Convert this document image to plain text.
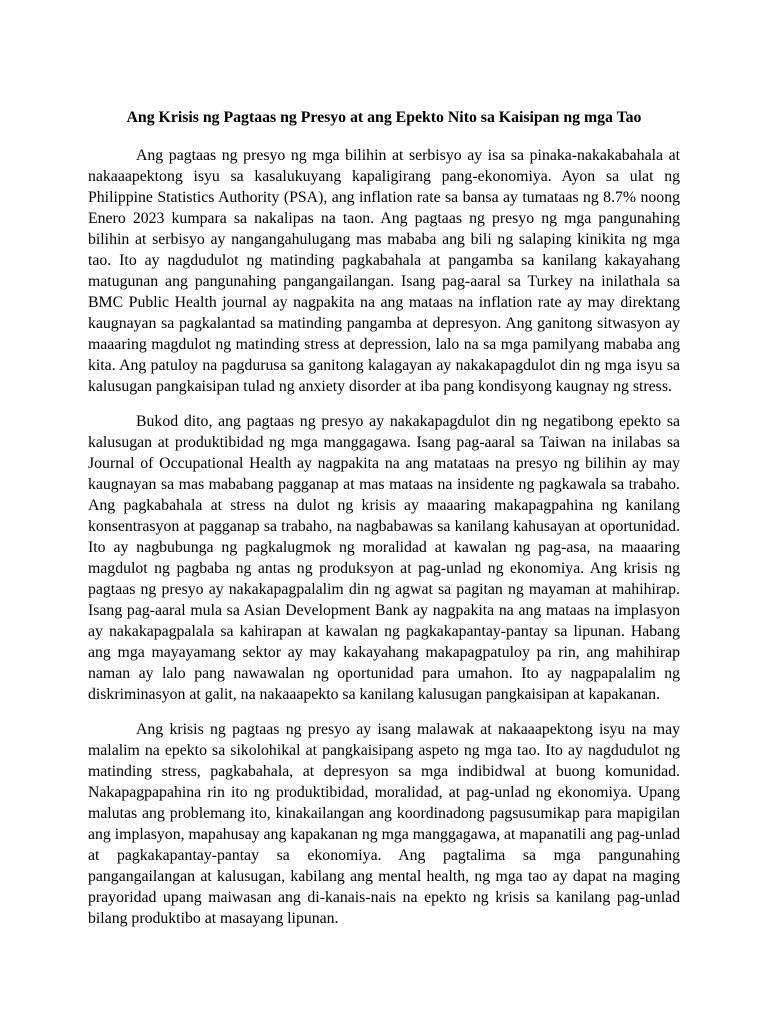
Ang Krisis ng Pagtaas ng Presyo at ang Epekto Nito sa Kaisipan ng mga Tao

Ang pagtaas ng presyo ng mga bilihin at serbisyo ay isa sa pinaka-nakakabahala at nakaaapektong isyu sa kasalukuyang kapaligirang pang-ekonomiya. Ayon sa ulat ng Philippine Statistics Authority (PSA), ang inflation rate sa bansa ay tumataas ng 8.7% noong Enero 2023 kumpara sa nakalipas na taon. Ang pagtaas ng presyo ng mga pangunahing bilihin at serbisyo ay nangangahulugang mas mababa ang bili ng salaping kinikita ng mga tao. Ito ay nagdudulot ng matinding pagkabahala at pangamba sa kanilang kakayahang matugunan ang pangunahing pangangailangan. Isang pag-aaral sa Turkey na inilathala sa BMC Public Health journal ay nagpakita na ang mataas na inflation rate ay may direktang kaugnayan sa pagkalantad sa matinding pangamba at depresyon. Ang ganitong sitwasyon ay maaaring magdulot ng matinding stress at depression, lalo na sa mga pamilyang mababa ang kita. Ang patuloy na pagdurusa sa ganitong kalagayan ay nakakapagdulot din ng mga isyu sa kalusugan pangkaisipan tulad ng anxiety disorder at iba pang kondisyong kaugnay ng stress.

Bukod dito, ang pagtaas ng presyo ay nakakapagdulot din ng negatibong epekto sa kalusugan at produktibidad ng mga manggagawa. Isang pag-aaral sa Taiwan na inilabas sa Journal of Occupational Health ay nagpakita na ang matataas na presyo ng bilihin ay may kaugnayan sa mas mababang pagganap at mas mataas na insidente ng pagkawala sa trabaho. Ang pagkabahala at stress na dulot ng krisis ay maaaring makapagpahina ng kanilang konsentrasyon at pagganap sa trabaho, na nagbabawas sa kanilang kahusayan at oportunidad. Ito ay nagbubunga ng pagkalugmok ng moralidad at kawalan ng pag-asa, na maaaring magdulot ng pagbaba ng antas ng produksyon at pag-unlad ng ekonomiya. Ang krisis ng pagtaas ng presyo ay nakakapagpalalim din ng agwat sa pagitan ng mayaman at mahihirap. Isang pag-aaral mula sa Asian Development Bank ay nagpakita na ang mataas na implasyon ay nakakapagpalala sa kahirapan at kawalan ng pagkakapantay-pantay sa lipunan. Habang ang mga mayayamang sektor ay may kakayahang makapagpatuloy pa rin, ang mahihirap naman ay lalo pang nawawalan ng oportunidad para umahon. Ito ay nagpapalalim ng diskriminasyon at galit, na nakaaapekto sa kanilang kalusugan pangkaisipan at kapakanan.

Ang krisis ng pagtaas ng presyo ay isang malawak at nakaaapektong isyu na may malalim na epekto sa sikolohikal at pangkaisipang aspeto ng mga tao. Ito ay nagdudulot ng matinding stress, pagkabahala, at depresyon sa mga indibidwal at buong komunidad. Nakapagpapahina rin ito ng produktibidad, moralidad, at pag-unlad ng ekonomiya. Upang malutas ang problemang ito, kinakailangan ang koordinadong pagsusumikap para mapigilan ang implasyon, mapahusay ang kapakanan ng mga manggagawa, at mapanatili ang pag-unlad at pagkakapantay-pantay sa ekonomiya. Ang pagtalima sa mga pangunahing pangangailangan at kalusugan, kabilang ang mental health, ng mga tao ay dapat na maging prayoridad upang maiwasan ang di-kanais-nais na epekto ng krisis sa kanilang pag-unlad bilang produktibo at masayang lipunan.
